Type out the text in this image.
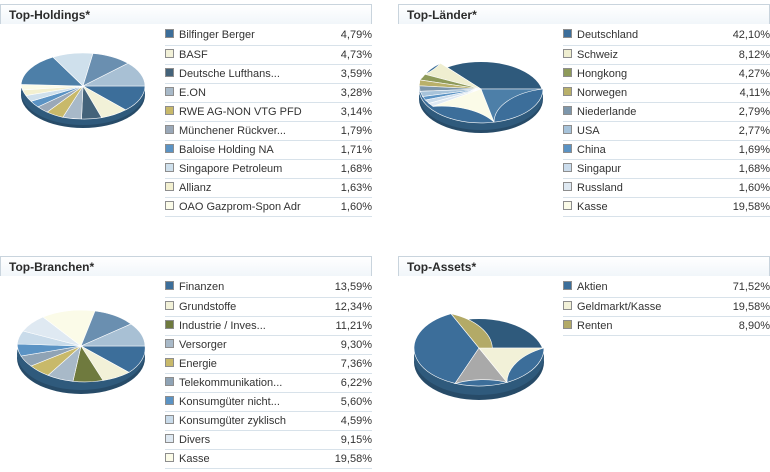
Top-Holdings*
	Bilfinger Berger	4,79%
	BASF	4,73%
	Deutsche Lufthans...	3,59%
	E.ON	3,28%
	RWE AG-NON VTG PFD	3,14%
	Münchener Rückver...	1,79%
	Baloise Holding NA	1,71%
	Singapore Petroleum	1,68%
	Allianz	1,63%
	OAO Gazprom-Spon Adr	1,60%
Top-Länder*
	Deutschland	42,10%
	Schweiz	8,12%
	Hongkong	4,27%
	Norwegen	4,11%
	Niederlande	2,79%
	USA	2,77%
	China	1,69%
	Singapur	1,68%
	Russland	1,60%
	Kasse	19,58%
Top-Branchen*
	Finanzen	13,59%
	Grundstoffe	12,34%
	Industrie / Inves...	11,21%
	Versorger	9,30%
	Energie	7,36%
	Telekommunikation...	6,22%
	Konsumgüter nicht...	5,60%
	Konsumgüter zyklisch	4,59%
	Divers	9,15%
	Kasse	19,58%
Top-Assets*
	Aktien	71,52%
	Geldmarkt/Kasse	19,58%
	Renten	8,90%
